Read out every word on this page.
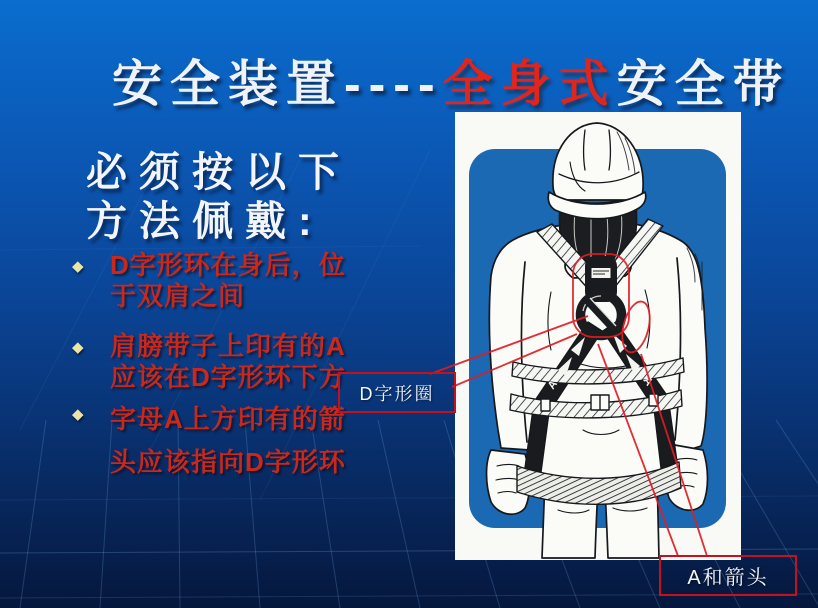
安全装置----全身式安全带
必须按以下
方法佩戴:
◆ D字形环在身后，位
于双肩之间
◆ 肩膀带子上印有的A
应该在D字形环下方
◆ 字母A上方印有的箭
头应该指向D字形环
A	A
D字形圈
A和箭头
